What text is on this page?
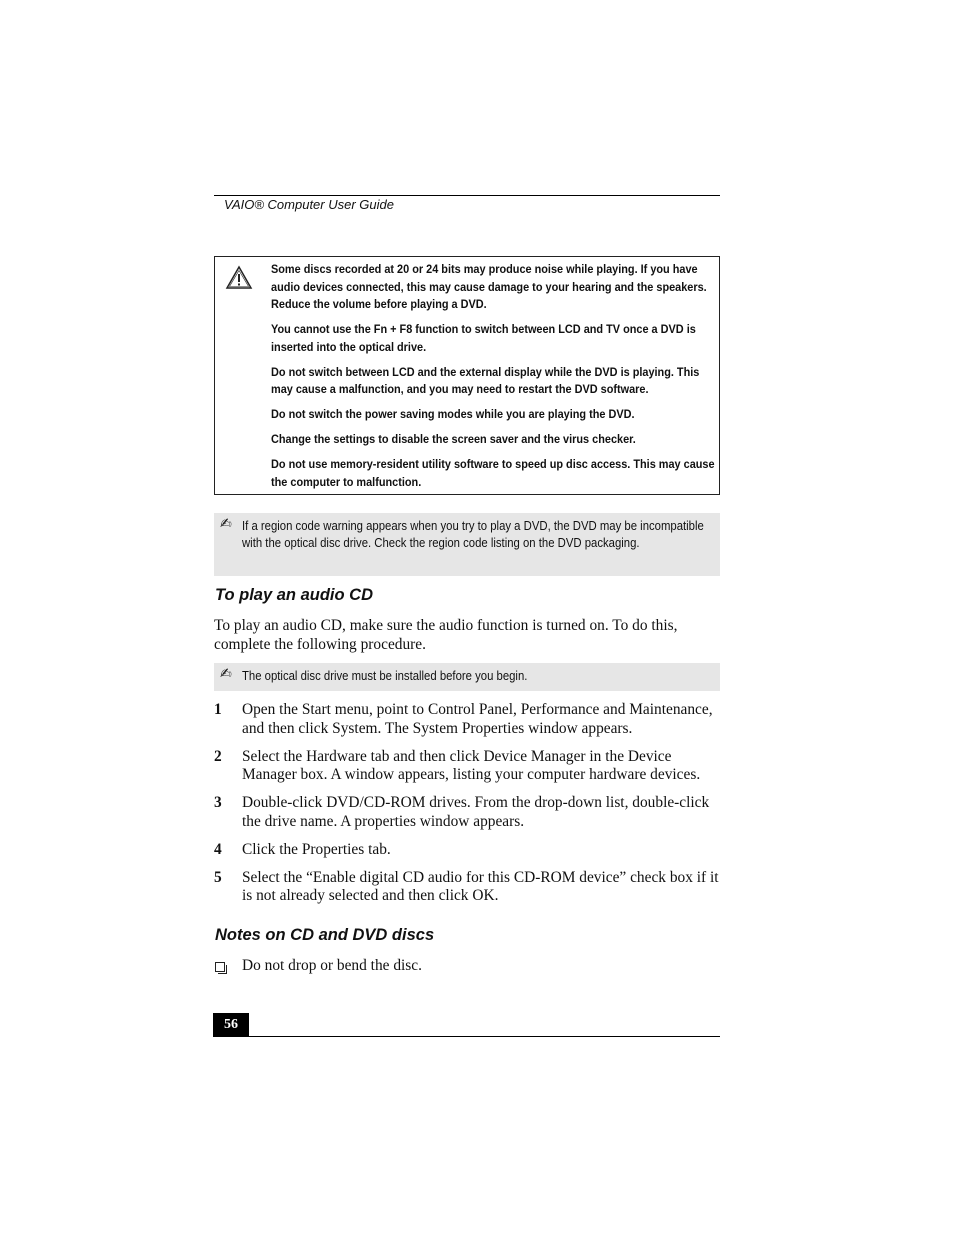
VAIO® Computer User Guide

Some discs recorded at 20 or 24 bits may produce noise while playing. If you have audio devices connected, this may cause damage to your hearing and the speakers. Reduce the volume before playing a DVD.

You cannot use the Fn + F8 function to switch between LCD and TV once a DVD is inserted into the optical drive.

Do not switch between LCD and the external display while the DVD is playing. This may cause a malfunction, and you may need to restart the DVD software.

Do not switch the power saving modes while you are playing the DVD.

Change the settings to disable the screen saver and the virus checker.

Do not use memory-resident utility software to speed up disc access. This may cause the computer to malfunction.

✍ If a region code warning appears when you try to play a DVD, the DVD may be incompatible with the optical disc drive. Check the region code listing on the DVD packaging.
To play an audio CD
To play an audio CD, make sure the audio function is turned on. To do this, complete the following procedure.
✍ The optical disc drive must be installed before you begin.
1 Open the Start menu, point to Control Panel, Performance and Maintenance, and then click System. The System Properties window appears.
2 Select the Hardware tab and then click Device Manager in the Device Manager box. A window appears, listing your computer hardware devices.
3 Double-click DVD/CD-ROM drives. From the drop-down list, double-click the drive name. A properties window appears.
4 Click the Properties tab.
5 Select the “Enable digital CD audio for this CD-ROM device” check box if it is not already selected and then click OK.
Notes on CD and DVD discs
Do not drop or bend the disc.
56
